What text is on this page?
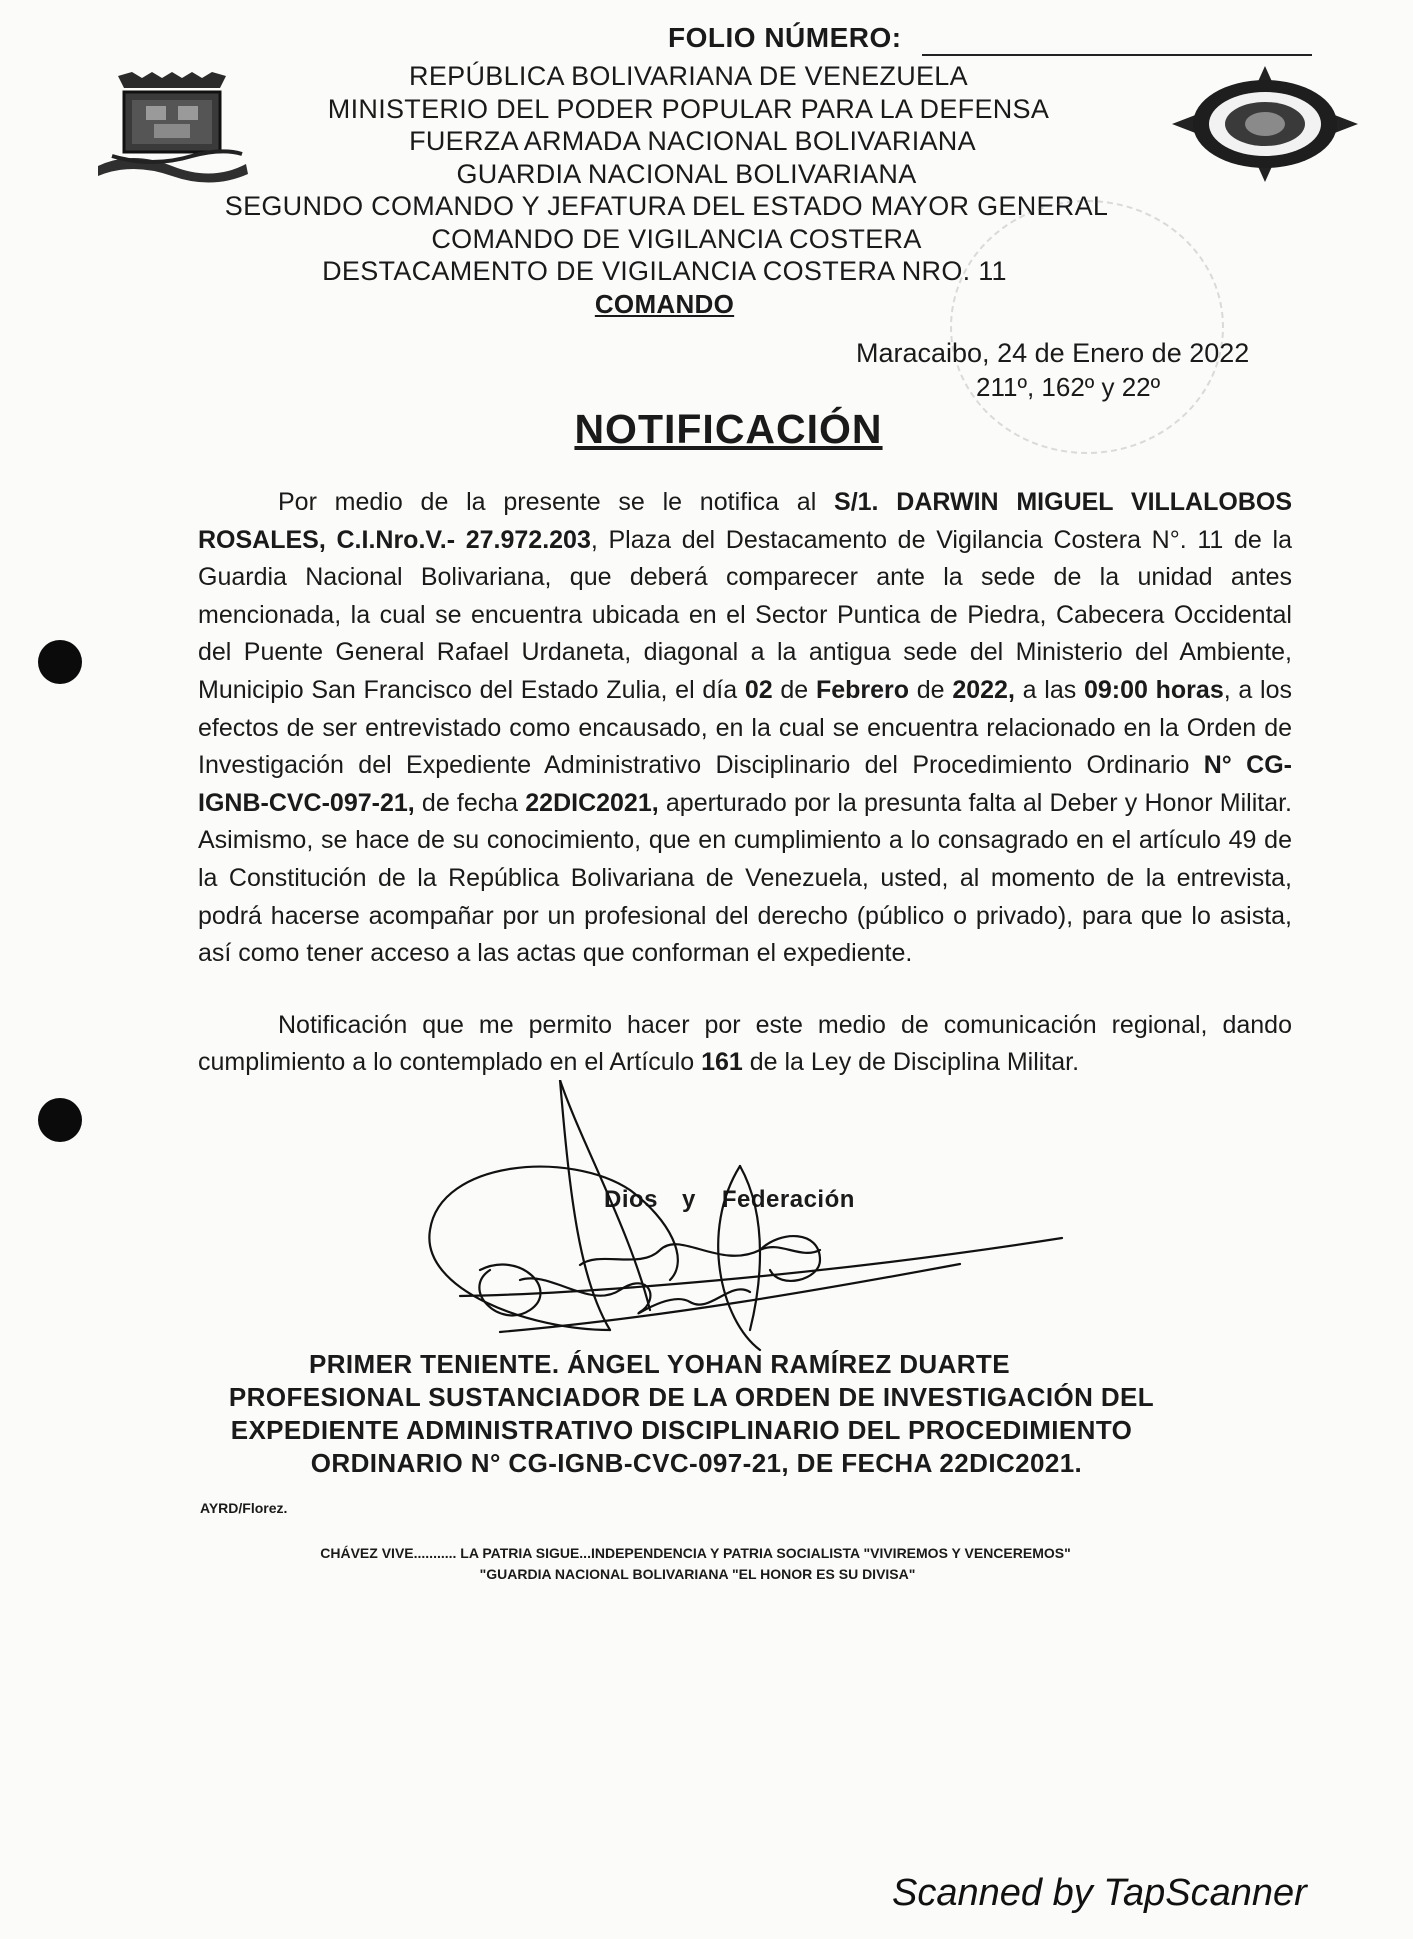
FOLIO NÚMERO:
REPÚBLICA BOLIVARIANA DE VENEZUELA
MINISTERIO DEL PODER POPULAR PARA LA DEFENSA
FUERZA ARMADA NACIONAL BOLIVARIANA
GUARDIA NACIONAL BOLIVARIANA
SEGUNDO COMANDO Y JEFATURA DEL ESTADO MAYOR GENERAL
COMANDO DE VIGILANCIA COSTERA
DESTACAMENTO DE VIGILANCIA COSTERA NRO. 11
COMANDO
Maracaibo, 24 de Enero de 2022
211º, 162º y 22º
NOTIFICACIÓN

Por medio de la presente se le notifica al S/1. DARWIN MIGUEL VILLALOBOS ROSALES, C.I.Nro.V.- 27.972.203, Plaza del Destacamento de Vigilancia Costera N°. 11 de la Guardia Nacional Bolivariana, que deberá comparecer ante la sede de la unidad antes mencionada, la cual se encuentra ubicada en el Sector Puntica de Piedra, Cabecera Occidental del Puente General Rafael Urdaneta, diagonal a la antigua sede del Ministerio del Ambiente, Municipio San Francisco del Estado Zulia, el día 02 de Febrero de 2022, a las 09:00 horas, a los efectos de ser entrevistado como encausado, en la cual se encuentra relacionado en la Orden de Investigación del Expediente Administrativo Disciplinario del Procedimiento Ordinario N° CG-IGNB-CVC-097-21, de fecha 22DIC2021, aperturado por la presunta falta al Deber y Honor Militar. Asimismo, se hace de su conocimiento, que en cumplimiento a lo consagrado en el artículo 49 de la Constitución de la República Bolivariana de Venezuela, usted, al momento de la entrevista, podrá hacerse acompañar por un profesional del derecho (público o privado), para que lo asista, así como tener acceso a las actas que conforman el expediente.

Notificación que me permito hacer por este medio de comunicación regional, dando cumplimiento a lo contemplado en el Artículo 161 de la Ley de Disciplina Militar.

Dios y Federación
PRIMER TENIENTE. ÁNGEL YOHAN RAMÍREZ DUARTE
PROFESIONAL SUSTANCIADOR DE LA ORDEN DE INVESTIGACIÓN DEL
EXPEDIENTE ADMINISTRATIVO DISCIPLINARIO DEL PROCEDIMIENTO
ORDINARIO N° CG-IGNB-CVC-097-21, DE FECHA 22DIC2021.
AYRD/Florez.
CHÁVEZ VIVE........... LA PATRIA SIGUE...INDEPENDENCIA Y PATRIA SOCIALISTA "VIVIREMOS Y VENCEREMOS"
"GUARDIA NACIONAL BOLIVARIANA "EL HONOR ES SU DIVISA"
Scanned by TapScanner
